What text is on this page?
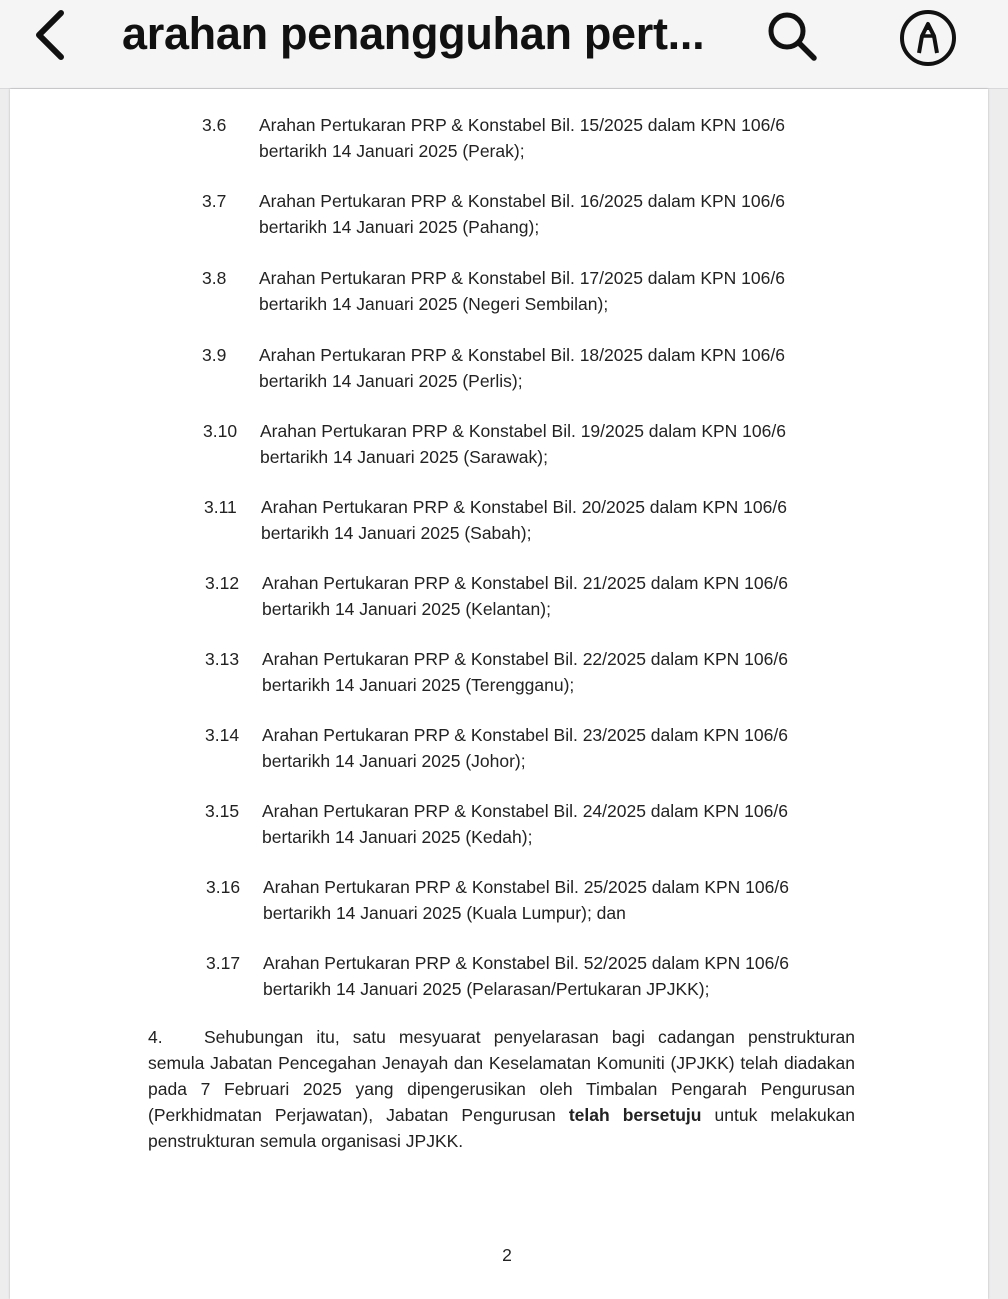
arahan penangguhan pert...
3.6	Arahan Pertukaran PRP & Konstabel Bil. 15/2025 dalam KPN 106/6
bertarikh 14 Januari 2025 (Perak);
3.7	Arahan Pertukaran PRP & Konstabel Bil. 16/2025 dalam KPN 106/6
bertarikh 14 Januari 2025 (Pahang);
3.8	Arahan Pertukaran PRP & Konstabel Bil. 17/2025 dalam KPN 106/6
bertarikh 14 Januari 2025 (Negeri Sembilan);
3.9	Arahan Pertukaran PRP & Konstabel Bil. 18/2025 dalam KPN 106/6
bertarikh 14 Januari 2025 (Perlis);
3.10	Arahan Pertukaran PRP & Konstabel Bil. 19/2025 dalam KPN 106/6
bertarikh 14 Januari 2025 (Sarawak);
3.11	Arahan Pertukaran PRP & Konstabel Bil. 20/2025 dalam KPN 106/6
bertarikh 14 Januari 2025 (Sabah);
3.12	Arahan Pertukaran PRP & Konstabel Bil. 21/2025 dalam KPN 106/6
bertarikh 14 Januari 2025 (Kelantan);
3.13	Arahan Pertukaran PRP & Konstabel Bil. 22/2025 dalam KPN 106/6
bertarikh 14 Januari 2025 (Terengganu);
3.14	Arahan Pertukaran PRP & Konstabel Bil. 23/2025 dalam KPN 106/6
bertarikh 14 Januari 2025 (Johor);
3.15	Arahan Pertukaran PRP & Konstabel Bil. 24/2025 dalam KPN 106/6
bertarikh 14 Januari 2025 (Kedah);
3.16	Arahan Pertukaran PRP & Konstabel Bil. 25/2025 dalam KPN 106/6
bertarikh 14 Januari 2025 (Kuala Lumpur); dan
3.17	Arahan Pertukaran PRP & Konstabel Bil. 52/2025 dalam KPN 106/6
bertarikh 14 Januari 2025 (Pelarasan/Pertukaran JPJKK);
4. Sehubungan itu, satu mesyuarat penyelarasan bagi cadangan penstrukturan semula Jabatan Pencegahan Jenayah dan Keselamatan Komuniti (JPJKK) telah diadakan pada 7 Februari 2025 yang dipengerusikan oleh Timbalan Pengarah Pengurusan (Perkhidmatan Perjawatan), Jabatan Pengurusan telah bersetuju untuk melakukan penstrukturan semula organisasi JPJKK.
2
